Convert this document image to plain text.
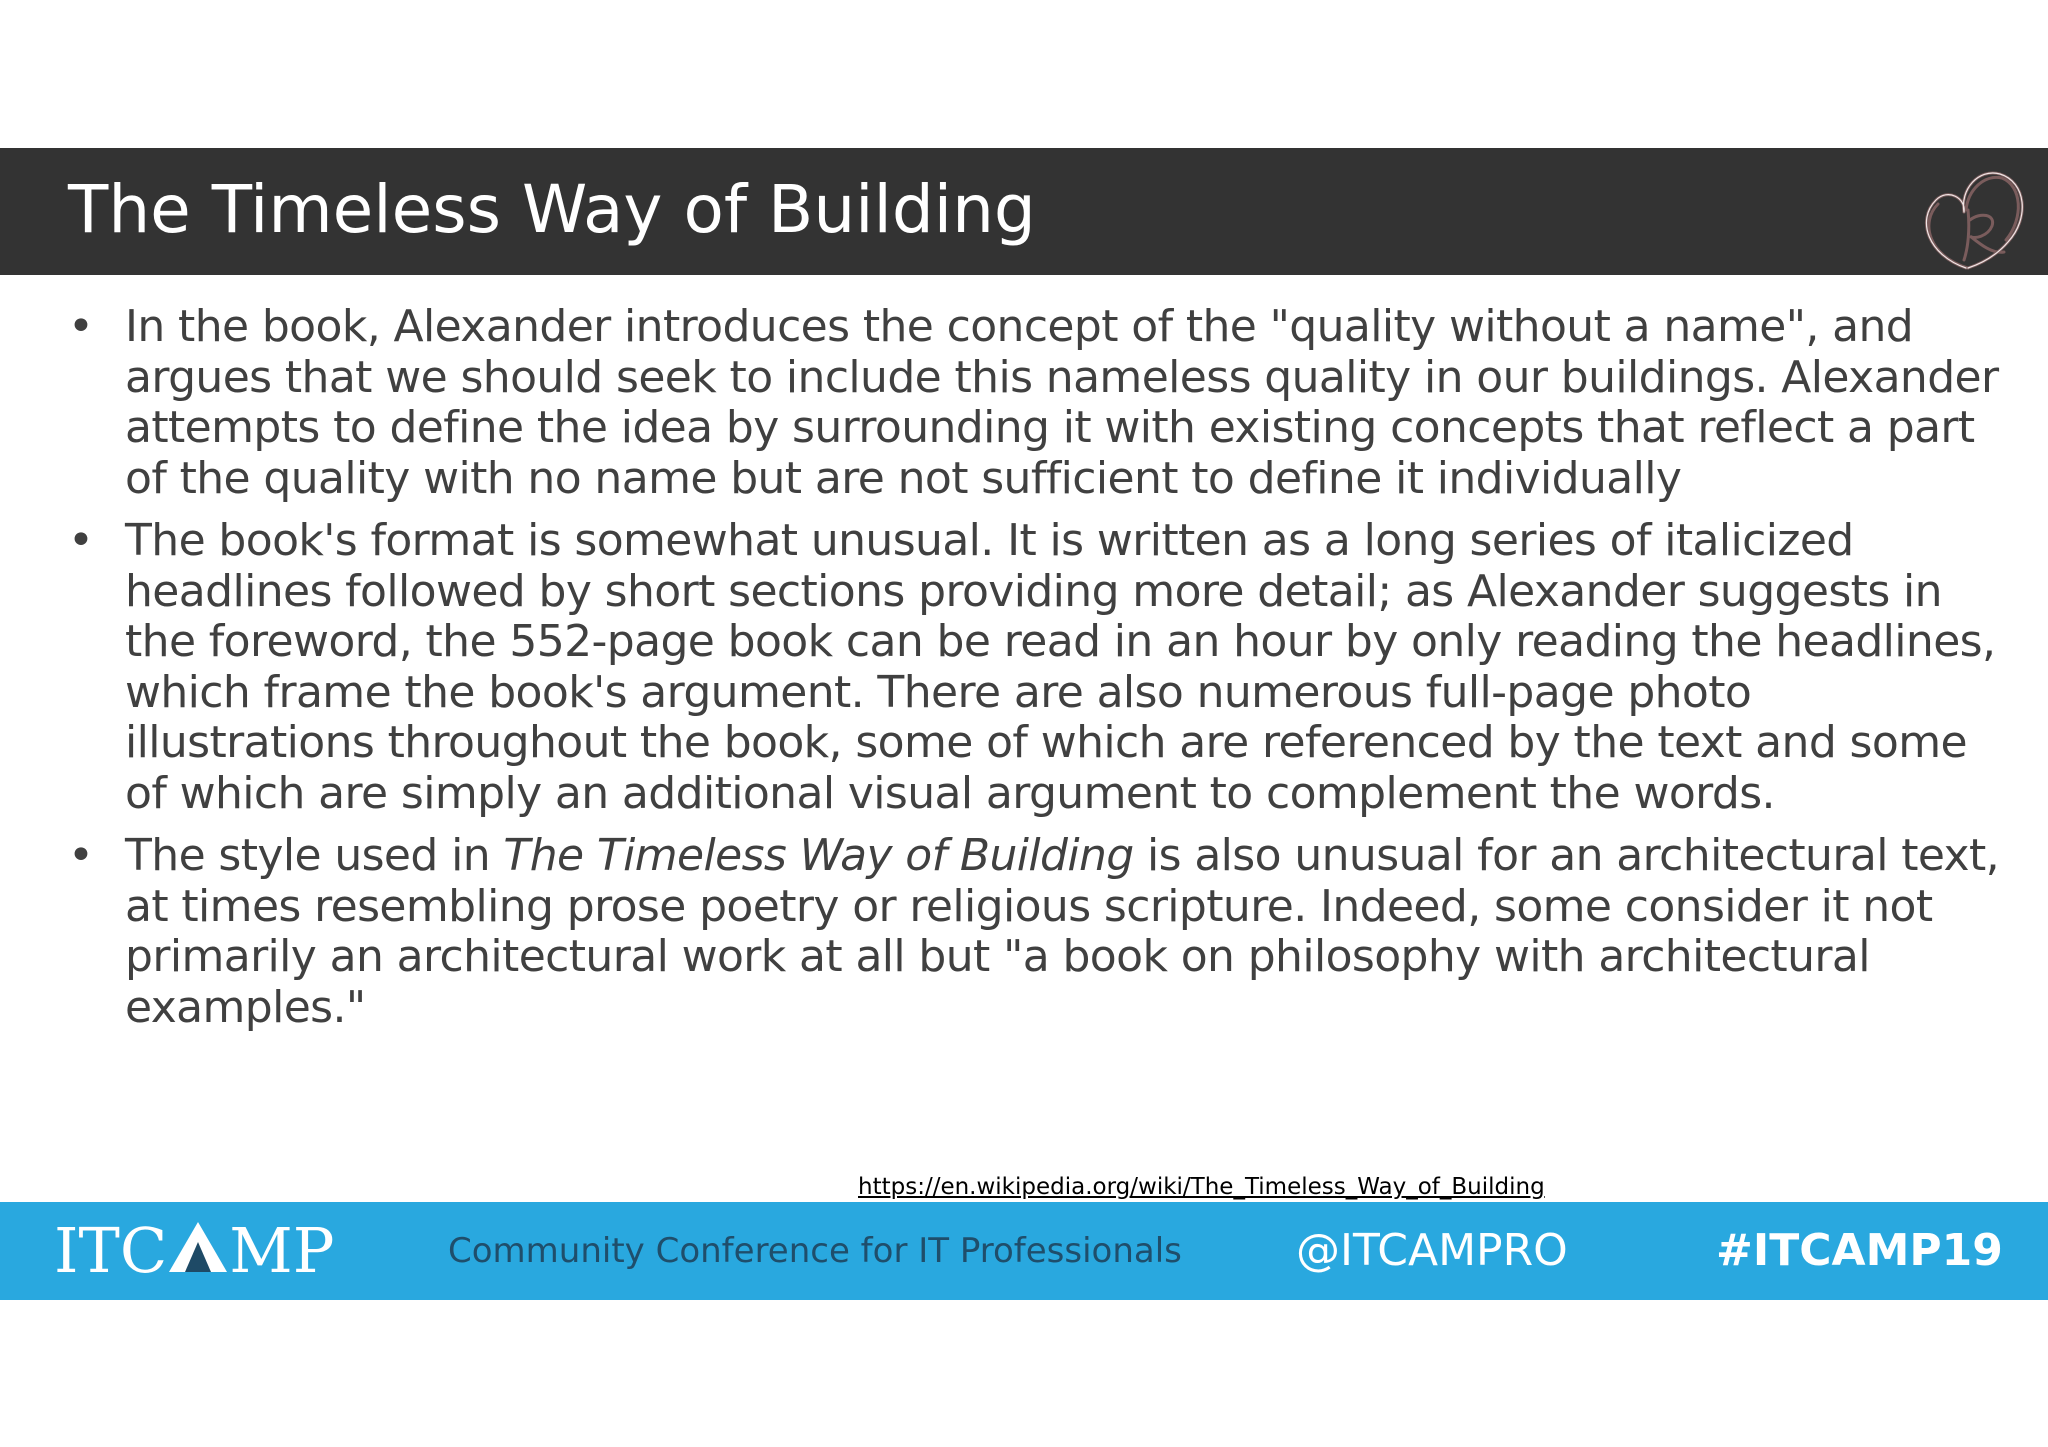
The Timeless Way of Building

• In the book, Alexander introduces the concept of the "quality without a name", and argues that we should seek to include this nameless quality in our buildings. Alexander attempts to define the idea by surrounding it with existing concepts that reflect a part of the quality with no name but are not sufficient to define it individually

• The book's format is somewhat unusual. It is written as a long series of italicized headlines followed by short sections providing more detail; as Alexander suggests in the foreword, the 552-page book can be read in an hour by only reading the headlines, which frame the book's argument. There are also numerous full-page photo illustrations throughout the book, some of which are referenced by the text and some of which are simply an additional visual argument to complement the words.

• The style used in The Timeless Way of Building is also unusual for an architectural text, at times resembling prose poetry or religious scripture. Indeed, some consider it not primarily an architectural work at all but "a book on philosophy with architectural examples."

https://en.wikipedia.org/wiki/The_Timeless_Way_of_Building
ITC MP	Community Conference for IT Professionals	@ITCAMPRO	#ITCAMP19
